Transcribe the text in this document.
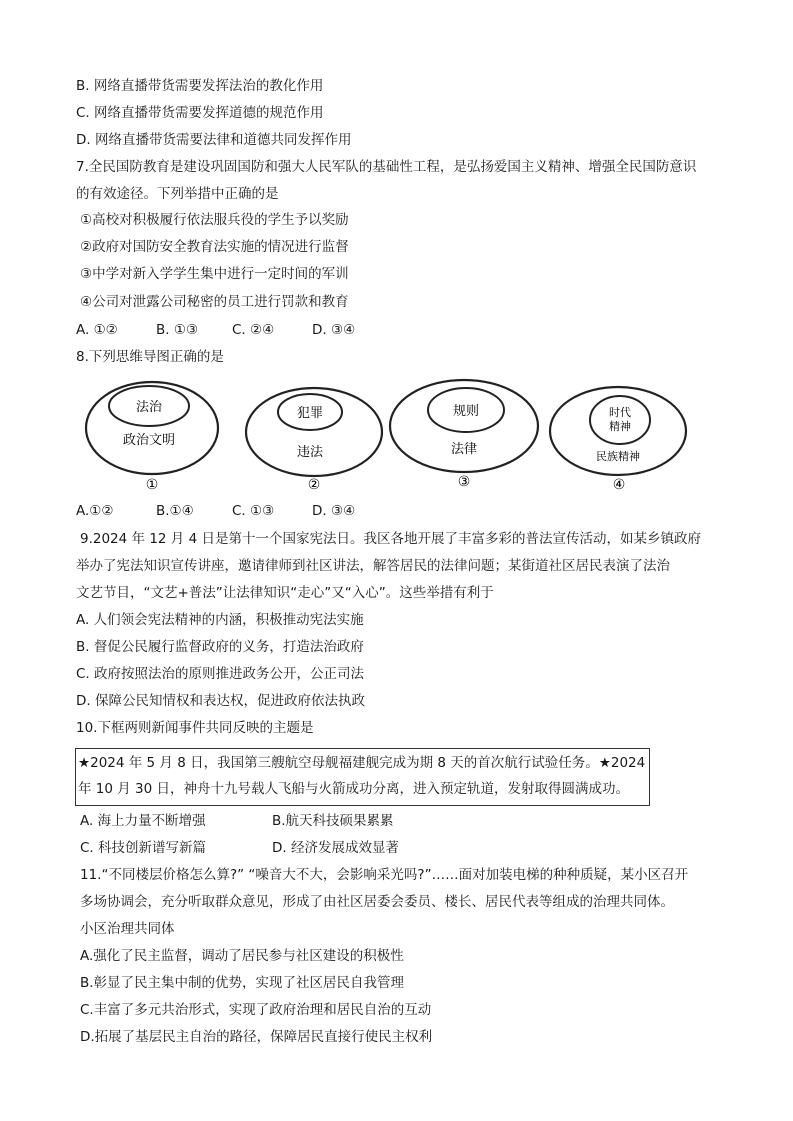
B. 网络直播带货需要发挥法治的教化作用
C. 网络直播带货需要发挥道德的规范作用
D. 网络直播带货需要法律和道德共同发挥作用
7.全民国防教育是建设巩固国防和强大人民军队的基础性工程，是弘扬爱国主义精神、增强全民国防意识
的有效途径。下列举措中正确的是
①高校对积极履行依法服兵役的学生予以奖励
②政府对国防安全教育法实施的情况进行监督
③中学对新入学学生集中进行一定时间的军训
④公司对泄露公司秘密的员工进行罚款和教育
A. ①②	B. ①③	C. ②④	D. ③④
8.下列思维导图正确的是
法治
政治文明
①
犯罪
违法
②
规则
法律
③
时代
精神
民族精神
④
A.①②	B.①④	C. ①③	D. ③④
9.2024 年 12 月 4 日是第十一个国家宪法日。我区各地开展了丰富多彩的普法宣传活动，如某乡镇政府
举办了宪法知识宣传讲座，邀请律师到社区讲法，解答居民的法律问题；某街道社区居民表演了法治
文艺节目，“文艺+普法”让法律知识“走心”又“入心”。这些举措有利于
A. 人们领会宪法精神的内涵，积极推动宪法实施
B. 督促公民履行监督政府的义务，打造法治政府
C. 政府按照法治的原则推进政务公开，公正司法
D. 保障公民知情权和表达权，促进政府依法执政
10.下框两则新闻事件共同反映的主题是
★2024 年 5 月 8 日，我国第三艘航空母舰福建舰完成为期 8 天的首次航行试验任务。★2024
年 10 月 30 日，神舟十九号载人飞船与火箭成功分离，进入预定轨道，发射取得圆满成功。
A. 海上力量不断增强	B.航天科技硕果累累
C. 科技创新谱写新篇	D. 经济发展成效显著
11.“不同楼层价格怎么算?” “噪音大不大，会影响采光吗?”……面对加装电梯的种种质疑，某小区召开
多场协调会，充分听取群众意见，形成了由社区居委会委员、楼长、居民代表等组成的治理共同体。
小区治理共同体
A.强化了民主监督，调动了居民参与社区建设的积极性
B.彰显了民主集中制的优势，实现了社区居民自我管理
C.丰富了多元共治形式，实现了政府治理和居民自治的互动
D.拓展了基层民主自治的路径，保障居民直接行使民主权利
